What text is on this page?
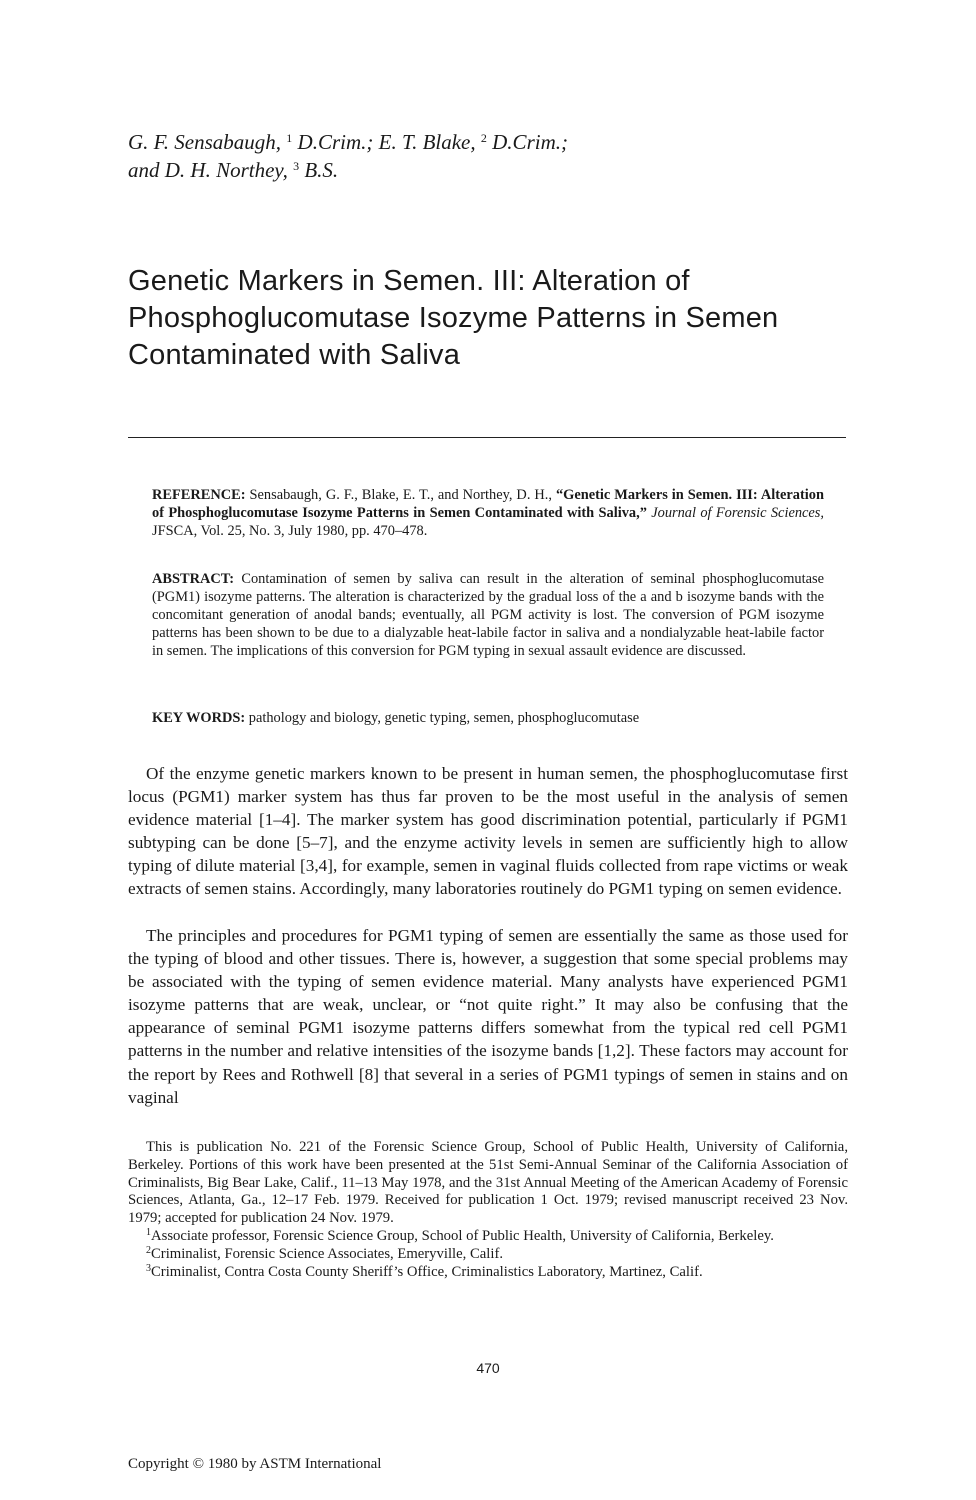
G. F. Sensabaugh, $^1$ D.Crim.; E. T. Blake, $^2$ D.Crim.;
and D. H. Northey, $^3$ B.S.
Genetic Markers in Semen. III: Alteration of Phosphoglucomutase Isozyme Patterns in Semen Contaminated with Saliva
REFERENCE: Sensabaugh, G. F., Blake, E. T., and Northey, D. H., “Genetic Markers in Semen. III: Alteration of Phosphoglucomutase Isozyme Patterns in Semen Contaminated with Saliva,” Journal of Forensic Sciences, JFSCA, Vol. 25, No. 3, July 1980, pp. 470–478.
ABSTRACT: Contamination of semen by saliva can result in the alteration of seminal phosphoglucomutase (PGM1) isozyme patterns. The alteration is characterized by the gradual loss of the a and b isozyme bands with the concomitant generation of anodal bands; eventually, all PGM activity is lost. The conversion of PGM isozyme patterns has been shown to be due to a dialyzable heat-labile factor in saliva and a nondialyzable heat-labile factor in semen. The implications of this conversion for PGM typing in sexual assault evidence are discussed.
KEY WORDS: pathology and biology, genetic typing, semen, phosphoglucomutase

Of the enzyme genetic markers known to be present in human semen, the phosphoglucomutase first locus (PGM1) marker system has thus far proven to be the most useful in the analysis of semen evidence material [1–4]. The marker system has good discrimination potential, particularly if PGM1 subtyping can be done [5–7], and the enzyme activity levels in semen are sufficiently high to allow typing of dilute material [3,4], for example, semen in vaginal fluids collected from rape victims or weak extracts of semen stains. Accordingly, many laboratories routinely do PGM1 typing on semen evidence.

The principles and procedures for PGM1 typing of semen are essentially the same as those used for the typing of blood and other tissues. There is, however, a suggestion that some special problems may be associated with the typing of semen evidence material. Many analysts have experienced PGM1 isozyme patterns that are weak, unclear, or “not quite right.” It may also be confusing that the appearance of seminal PGM1 isozyme patterns differs somewhat from the typical red cell PGM1 patterns in the number and relative intensities of the isozyme bands [1,2]. These factors may account for the report by Rees and Rothwell [8] that several in a series of PGM1 typings of semen in stains and on vaginal

This is publication No. 221 of the Forensic Science Group, School of Public Health, University of California, Berkeley. Portions of this work have been presented at the 51st Semi-Annual Seminar of the California Association of Criminalists, Big Bear Lake, Calif., 11–13 May 1978, and the 31st Annual Meeting of the American Academy of Forensic Sciences, Atlanta, Ga., 12–17 Feb. 1979. Received for publication 1 Oct. 1979; revised manuscript received 23 Nov. 1979; accepted for publication 24 Nov. 1979.

$^1$Associate professor, Forensic Science Group, School of Public Health, University of California, Berkeley.

$^2$Criminalist, Forensic Science Associates, Emeryville, Calif.

$^3$Criminalist, Contra Costa County Sheriff’s Office, Criminalistics Laboratory, Martinez, Calif.

470
Copyright © 1980 by ASTM International
